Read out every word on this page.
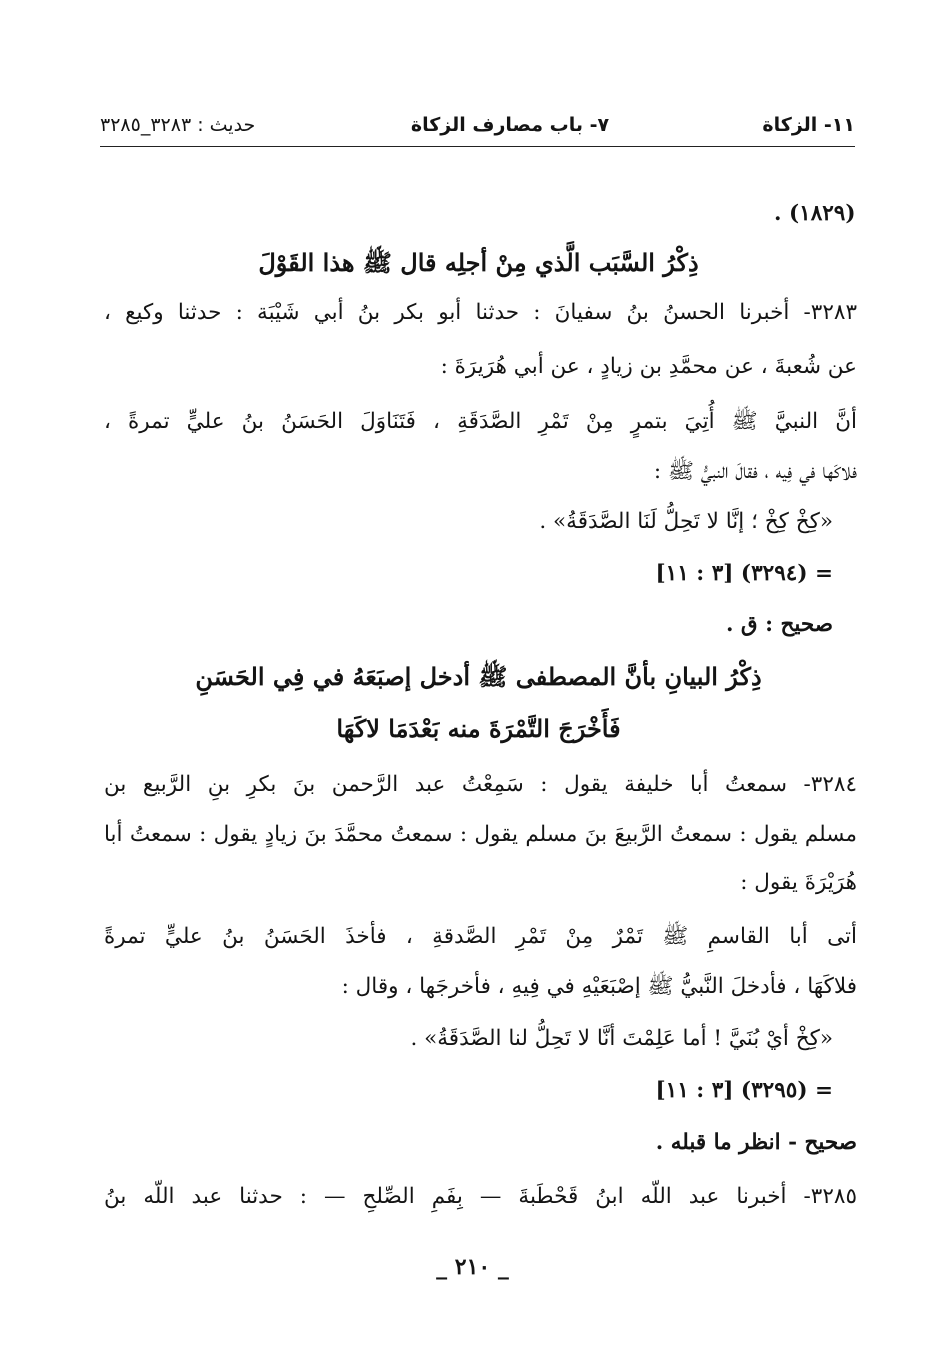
١١- الزكاة
٧- باب مصارف الزكاة
حديث : ٣٢٨٣_٣٢٨٥
(١٨٢٩) .
ذِكْرُ السَّبَب الَّذي مِنْ أجلِه قال ﷺ هذا القَوْلَ
٣٢٨٣- أخبرنا الحسنُ بنُ سفيانَ : حدثنا أبو بكر بنُ أبي شَيْبَة : حدثنا وكيع ،
عن شُعبةَ ، عن محمَّدِ بن زيادٍ ، عن أبي هُرَيرَةَ :
أنَّ النبيَّ ﷺ أُتِيَ بتمرٍ مِنْ تَمْرِ الصَّدَقَةِ ، فَتَنَاوَلَ الحَسَنُ بنُ عليٍّ تمرةً ،
فلاكَها في فِيه ، فقالَ النبيُّ ﷺ :
«كِخْ كِخْ ؛ إنَّا لا تَحِلُّ لَنَا الصَّدَقَةُ» .
= (٣٢٩٤) [٣ : ١١]
صحيح : ق .
ذِكْرُ البيانِ بأنَّ المصطفى ﷺ أدخل إصبَعَهُ في فِي الحَسَنِ
فَأَخْرَجَ التَّمْرَةَ منه بَعْدَمَا لاكَهَا
٣٢٨٤- سمعتُ أبا خليفة يقول : سَمِعْتُ عبد الرَّحمن بنَ بكرِ بنِ الرَّبيع بن
مسلم يقول : سمعتُ الرَّبيعَ بنَ مسلم يقول : سمعتُ محمَّدَ بنَ زيادٍ يقول : سمعتُ أبا
هُرَيْرَةَ يقول :
أتى أبا القاسمِ ﷺ تَمْرٌ مِنْ تَمْرِ الصَّدقةِ ، فأخذَ الحَسَنُ بنُ عليٍّ تمرةً
فلاكَهَا ، فأدخلَ النَّبيُّ ﷺ إصْبَعَيْهِ في فِيهِ ، فأخرجَها ، وقال :
«كِخْ أيْ بُنَيَّ ! أما عَلِمْتَ أنَّا لا تَحِلُّ لنا الصَّدَقَةُ» .
= (٣٢٩٥) [٣ : ١١]
صحيح - انظر ما قبله .
٣٢٨٥- أخبرنا عبد اللّه ابنُ قَحْطَبةَ — بِفَمِ الصِّلحِ — : حدثنا عبد اللّه بنُ
_ ٢١٠ _
